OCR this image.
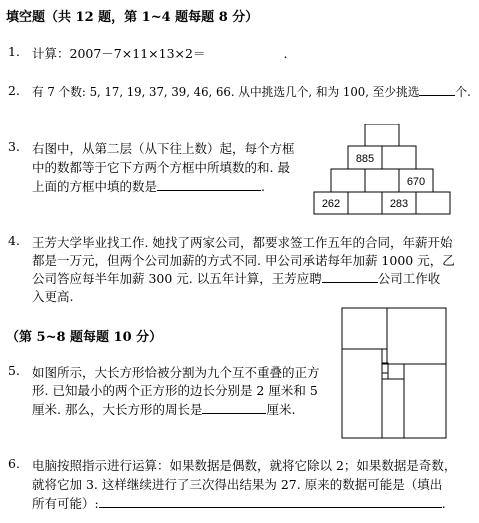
填空题（共 12 题，第 1~4 题每题 8 分）
1. 计算：2007－7×11×13×2＝	.
2. 有 7 个数: 5, 17, 19, 37, 39, 46, 66. 从中挑选几个, 和为 100, 至少挑选	个.
3. 右图中，从第二层（从下往上数）起，每个方框
中的数都等于它下方两个方框中所填数的和. 最
上面的方框中填的数是	.
885
670
262	283
4. 王芳大学毕业找工作. 她找了两家公司，都要求签工作五年的合同，年薪开始
都是一万元，但两个公司加薪的方式不同. 甲公司承诺每年加薪 1000 元，乙
公司答应每半年加薪 300 元. 以五年计算，王芳应聘	公司工作收
入更高.
（第 5~8 题每题 10 分）
5. 如图所示，大长方形恰被分割为九个互不重叠的正方
形. 已知最小的两个正方形的边长分别是 2 厘米和 5
厘米. 那么，大长方形的周长是	厘米.
6. 电脑按照指示进行运算：如果数据是偶数，就将它除以 2；如果数据是奇数，
就将它加 3. 这样继续进行了三次得出结果为 27. 原来的数据可能是（填出
所有可能）:	.
